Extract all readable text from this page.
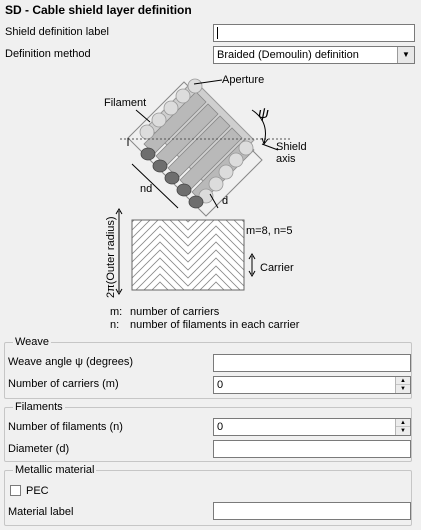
SD - Cable shield layer definition
Shield definition label
Definition method	Braided (Demoulin) definition	▼
Filament
Aperture
ψ
Shield
axis
nd
d
m=8, n=5
Carrier
2π(Outer radius)
m: number of carriers
n: number of filaments in each carrier
Weave
Weave angle ψ (degrees)
Number of carriers (m)	0	▲
▼
Filaments
Number of filaments (n)	0	▲
▼
Diameter (d)
Metallic material
PEC
Material label
